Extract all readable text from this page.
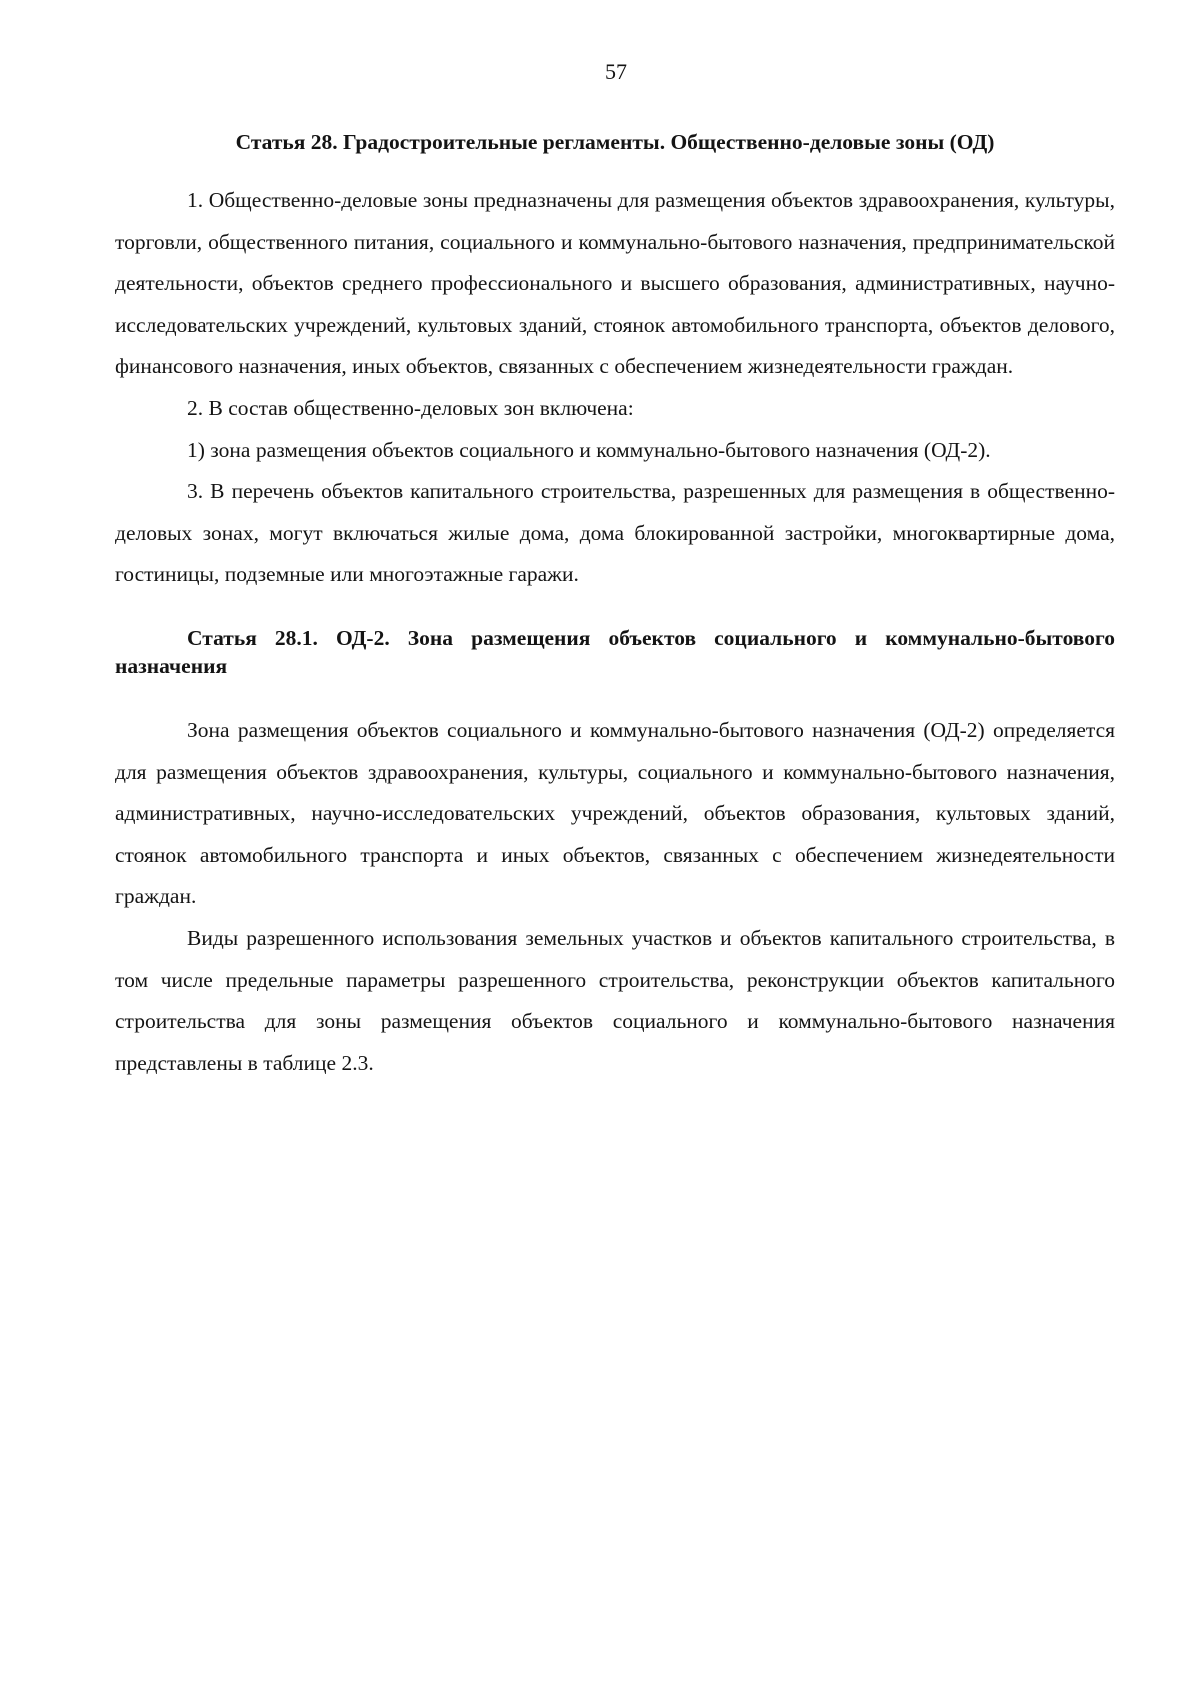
57
Статья 28. Градостроительные регламенты. Общественно-деловые зоны (ОД)

1. Общественно-деловые зоны предназначены для размещения объектов здравоохранения, культуры, торговли, общественного питания, социального и коммунально-бытового назначения, предпринимательской деятельности, объектов среднего профессионального и высшего образования, административных, научно-исследовательских учреждений, культовых зданий, стоянок автомобильного транспорта, объектов делового, финансового назначения, иных объектов, связанных с обеспечением жизнедеятельности граждан.

2. В состав общественно-деловых зон включена:

1) зона размещения объектов социального и коммунально-бытового назначения (ОД-2).

3. В перечень объектов капитального строительства, разрешенных для размещения в общественно-деловых зонах, могут включаться жилые дома, дома блокированной застройки, многоквартирные дома, гостиницы, подземные или многоэтажные гаражи.

Статья 28.1. ОД-2. Зона размещения объектов социального и коммунально-бытового назначения

Зона размещения объектов социального и коммунально-бытового назначения (ОД-2) определяется для размещения объектов здравоохранения, культуры, социального и коммунально-бытового назначения, административных, научно-исследовательских учреждений, объектов образования, культовых зданий, стоянок автомобильного транспорта и иных объектов, связанных с обеспечением жизнедеятельности граждан.

Виды разрешенного использования земельных участков и объектов капитального строительства, в том числе предельные параметры разрешенного строительства, реконструкции объектов капитального строительства для зоны размещения объектов социального и коммунально-бытового назначения представлены в таблице 2.3.
